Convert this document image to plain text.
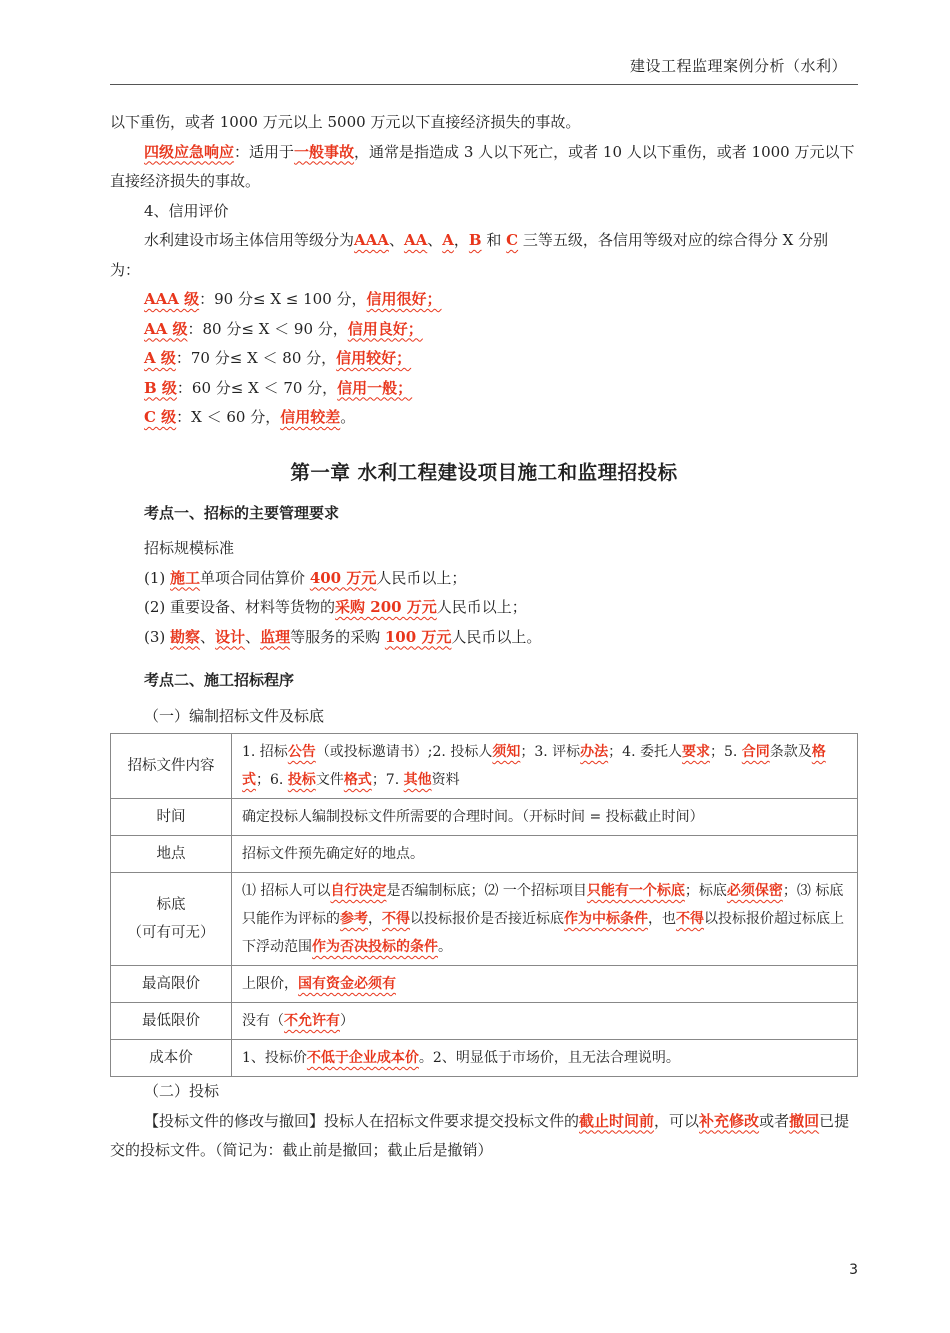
建设工程监理案例分析（水利）

以下重伤，或者 1000 万元以上 5000 万元以下直接经济损失的事故。

四级应急响应：适用于一般事故，通常是指造成 3 人以下死亡，或者 10 人以下重伤，或者 1000 万元以下直接经济损失的事故。

4、信用评价

水利建设市场主体信用等级分为AAA、AA、A，B 和 C 三等五级，各信用等级对应的综合得分 X 分别为：

AAA 级：90 分≤ X ≤ 100 分，信用很好；

AA 级：80 分≤ X ＜ 90 分，信用良好；

A 级：70 分≤ X ＜ 80 分，信用较好；

B 级：60 分≤ X ＜ 70 分，信用一般；

C 级：X ＜ 60 分，信用较差。

第一章 水利工程建设项目施工和监理招投标
考点一、招标的主要管理要求

招标规模标准

(1) 施工单项合同估算价 400 万元人民币以上；

(2) 重要设备、材料等货物的采购 200 万元人民币以上；

(3) 勘察、设计、监理等服务的采购 100 万元人民币以上。

考点二、施工招标程序

（一）编制招标文件及标底

招标文件内容	1. 招标公告（或投标邀请书）;2. 投标人须知；3. 评标办法；4. 委托人要求；5. 合同条款及格式；6. 投标文件格式；7. 其他资料
时间	确定投标人编制投标文件所需要的合理时间。（开标时间 = 投标截止时间）
地点	招标文件预先确定好的地点。

标底
（可有可无）	⑴ 招标人可以自行决定是否编制标底；⑵ 一个招标项目只能有一个标底；标底必须保密；⑶ 标底只能作为评标的参考，不得以投标报价是否接近标底作为中标条件，也不得以投标报价超过标底上下浮动范围作为否决投标的条件。
最高限价	上限价，国有资金必须有
最低限价	没有（不允许有）
成本价	1、投标价不低于企业成本价。2、明显低于市场价，且无法合理说明。

（二）投标

【投标文件的修改与撤回】投标人在招标文件要求提交投标文件的截止时间前，可以补充修改或者撤回已提交的投标文件。（简记为：截止前是撤回；截止后是撤销）

3
